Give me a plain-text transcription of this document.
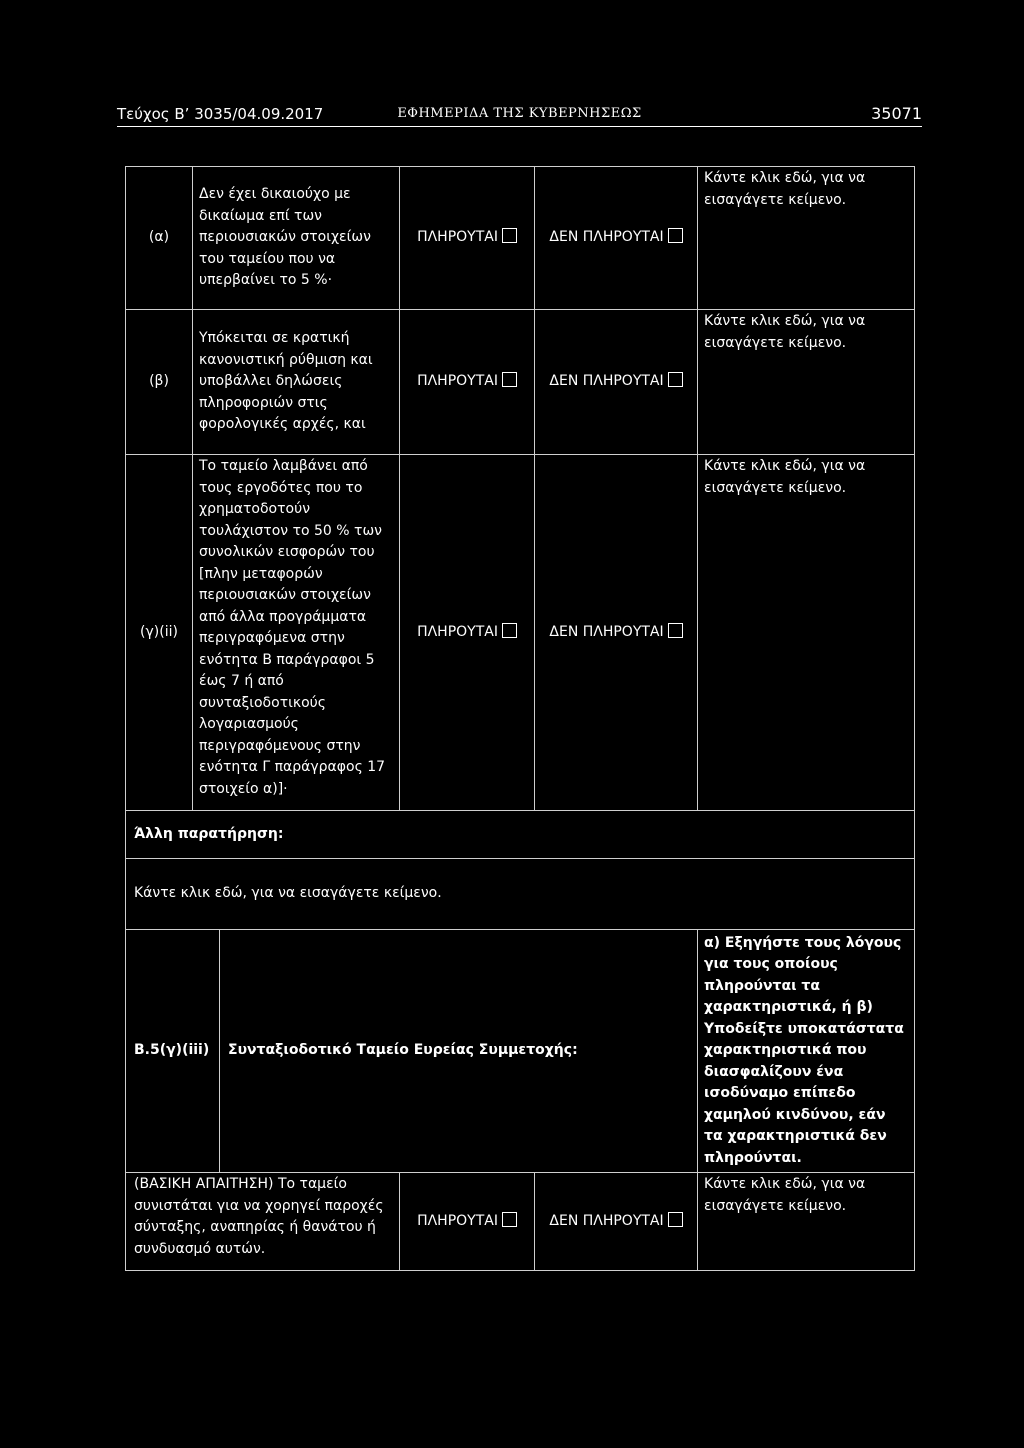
Τεύχος Β’ 3035/04.09.2017	ΕΦΗΜΕΡΙΔΑ ΤΗΣ ΚΥΒΕΡΝΗΣΕΩΣ	35071
(α)	Δεν έχει δικαιούχο με δικαίωμα επί των περιουσιακών στοιχείων του ταμείου που να υπερβαίνει το 5 %·		ΠΛΗΡΟΥΤΑΙ	ΔΕΝ ΠΛΗΡΟΥΤΑΙ	Κάντε κλικ εδώ, για να εισαγάγετε κείμενο.
(β)	Υπόκειται σε κρατική κανονιστική ρύθμιση και υποβάλλει δηλώσεις πληροφοριών στις φορολογικές αρχές, και		ΠΛΗΡΟΥΤΑΙ	ΔΕΝ ΠΛΗΡΟΥΤΑΙ	Κάντε κλικ εδώ, για να εισαγάγετε κείμενο.
(γ)(ii)	Το ταμείο λαμβάνει από τους εργοδότες που το χρηματοδοτούν τουλάχιστον το 50 % των συνολικών εισφορών του [πλην μεταφορών περιουσιακών στοιχείων από άλλα προγράμματα περιγραφόμενα στην ενότητα Β παράγραφοι 5 έως 7 ή από συνταξιοδοτικούς λογαριασμούς περιγραφόμενους στην ενότητα Γ παράγραφος 17 στοιχείο α)]·		ΠΛΗΡΟΥΤΑΙ	ΔΕΝ ΠΛΗΡΟΥΤΑΙ	Κάντε κλικ εδώ, για να εισαγάγετε κείμενο.
Άλλη παρατήρηση:					
Κάντε κλικ εδώ, για να εισαγάγετε κείμενο.					
Β.5(γ)(iii)		Συνταξιοδοτικό Ταμείο Ευρείας Συμμετοχής:			α) Εξηγήστε τους λόγους για τους οποίους πληρούνται τα χαρακτηριστικά, ή β) Υποδείξτε υποκατάστατα χαρακτηριστικά που διασφαλίζουν ένα ισοδύναμο επίπεδο χαμηλού κινδύνου, εάν τα χαρακτηριστικά δεν πληρούνται.
(ΒΑΣΙΚΗ ΑΠΑΙΤΗΣΗ) Το ταμείο συνιστάται για να χορηγεί παροχές σύνταξης, αναπηρίας ή θανάτου ή συνδυασμό αυτών.			ΠΛΗΡΟΥΤΑΙ	ΔΕΝ ΠΛΗΡΟΥΤΑΙ	Κάντε κλικ εδώ, για να εισαγάγετε κείμενο.
